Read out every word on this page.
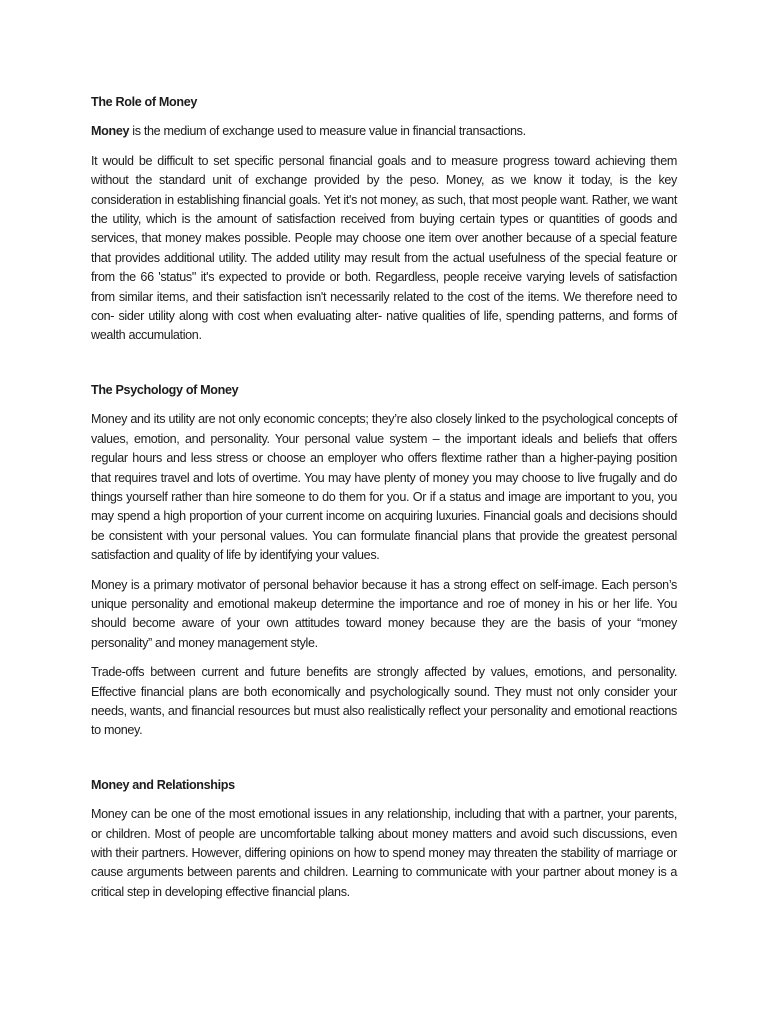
The Role of Money

Money is the medium of exchange used to measure value in financial transactions.

It would be difficult to set specific personal financial goals and to measure progress toward achieving them without the standard unit of exchange provided by the peso. Money, as we know it today, is the key consideration in establishing financial goals. Yet it's not money, as such, that most people want. Rather, we want the utility, which is the amount of satisfaction received from buying certain types or quantities of goods and services, that money makes possible. People may choose one item over another because of a special feature that provides additional utility. The added utility may result from the actual usefulness of the special feature or from the 66 'status" it's expected to provide or both. Regardless, people receive varying levels of satisfaction from similar items, and their satisfaction isn't necessarily related to the cost of the items. We therefore need to con- sider utility along with cost when evaluating alter- native qualities of life, spending patterns, and forms of wealth accumulation.

The Psychology of Money

Money and its utility are not only economic concepts; they’re also closely linked to the psychological concepts of values, emotion, and personality. Your personal value system – the important ideals and beliefs that offers regular hours and less stress or choose an employer who offers flextime rather than a higher-paying position that requires travel and lots of overtime. You may have plenty of money you may choose to live frugally and do things yourself rather than hire someone to do them for you. Or if a status and image are important to you, you may spend a high proportion of your current income on acquiring luxuries. Financial goals and decisions should be consistent with your personal values. You can formulate financial plans that provide the greatest personal satisfaction and quality of life by identifying your values.

Money is a primary motivator of personal behavior because it has a strong effect on self-image. Each person’s unique personality and emotional makeup determine the importance and roe of money in his or her life. You should become aware of your own attitudes toward money because they are the basis of your “money personality” and money management style.

Trade-offs between current and future benefits are strongly affected by values, emotions, and personality. Effective financial plans are both economically and psychologically sound. They must not only consider your needs, wants, and financial resources but must also realistically reflect your personality and emotional reactions to money.

Money and Relationships

Money can be one of the most emotional issues in any relationship, including that with a partner, your parents, or children. Most of people are uncomfortable talking about money matters and avoid such discussions, even with their partners. However, differing opinions on how to spend money may threaten the stability of marriage or cause arguments between parents and children. Learning to communicate with your partner about money is a critical step in developing effective financial plans.
